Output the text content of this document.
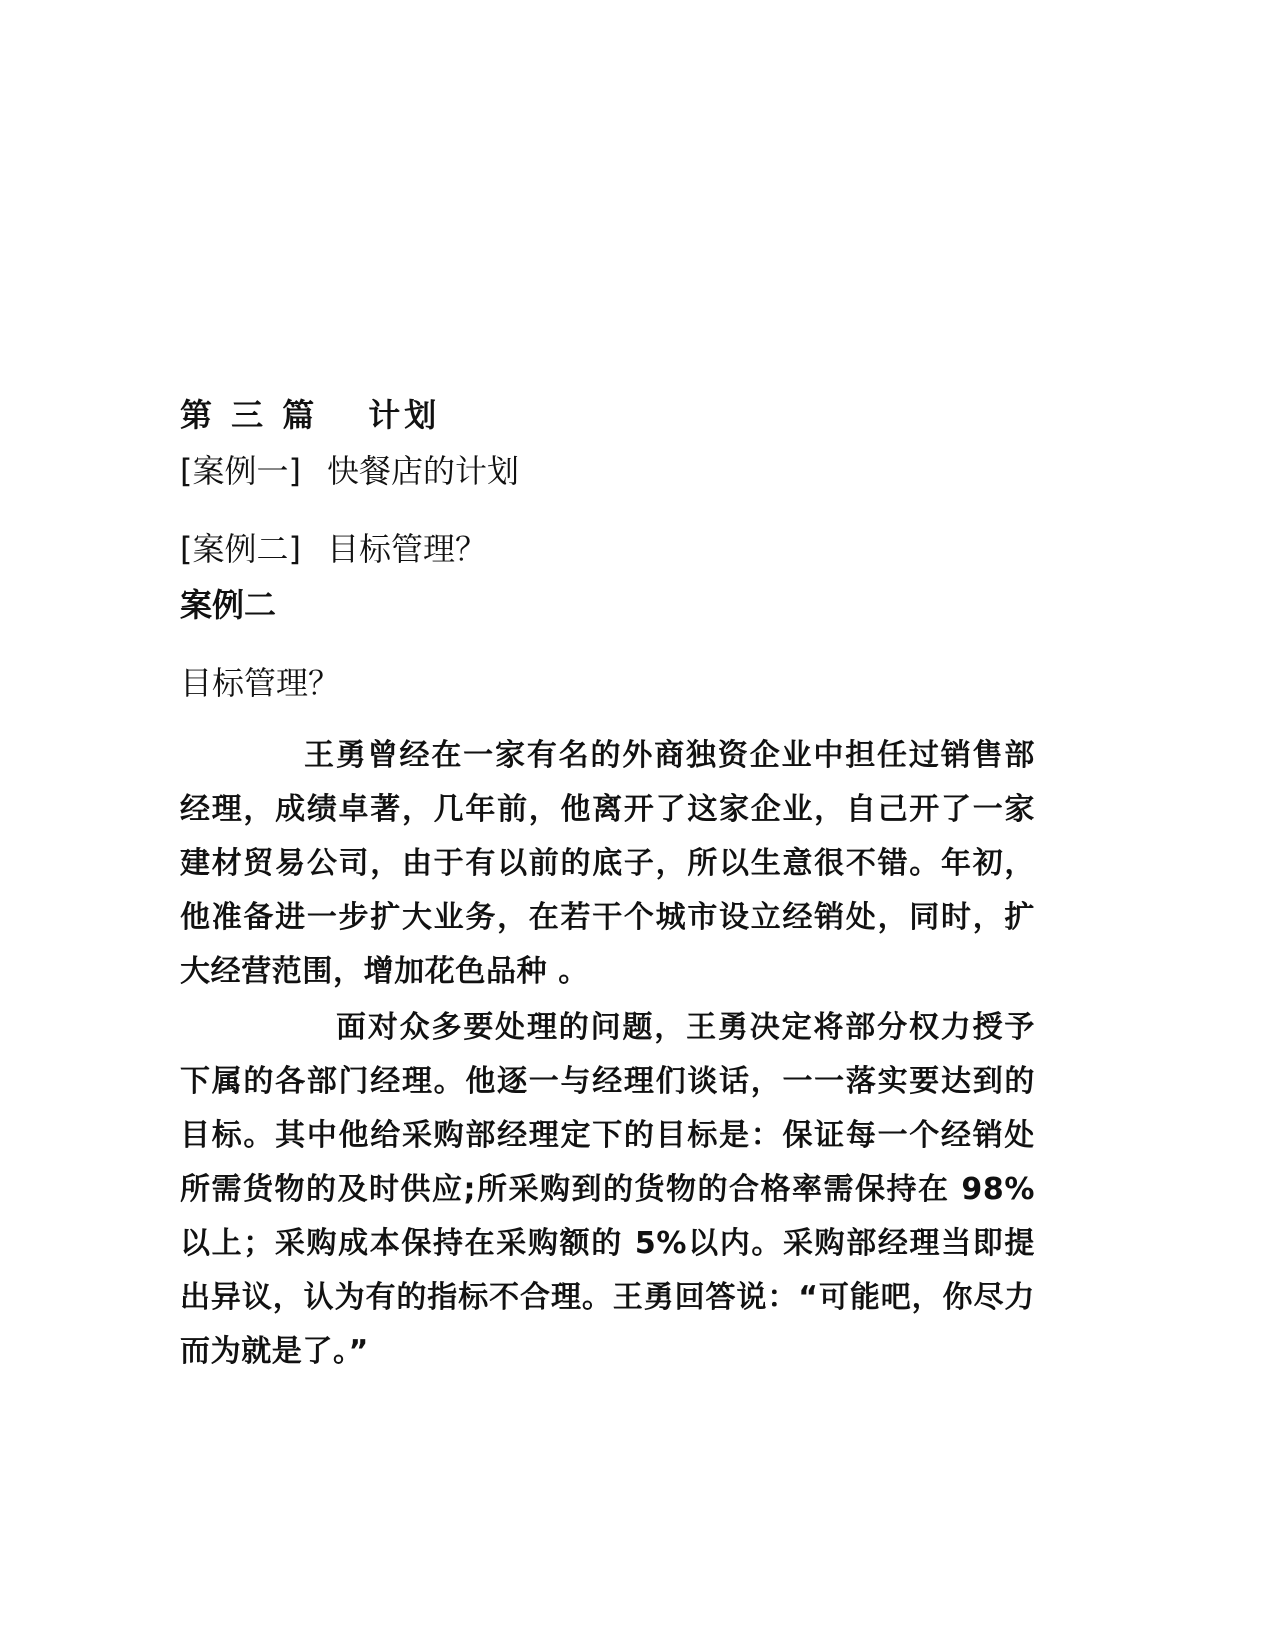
第 三 篇 计划
[案例一] 快餐店的计划
[案例二] 目标管理？
案例二
目标管理？

王勇曾经在一家有名的外商独资企业中担任过销售部经理，成绩卓著，几年前，他离开了这家企业，自己开了一家建材贸易公司，由于有以前的底子，所以生意很不错。年初，他准备进一步扩大业务，在若干个城市设立经销处，同时，扩大经营范围，增加花色品种 。

面对众多要处理的问题，王勇决定将部分权力授予下属的各部门经理。他逐一与经理们谈话，一一落实要达到的目标。其中他给采购部经理定下的目标是：保证每一个经销处所需货物的及时供应;所采购到的货物的合格率需保持在 98%以上；采购成本保持在采购额的 5%以内。采购部经理当即提出异议，认为有的指标不合理。王勇回答说：“可能吧，你尽力而为就是了。”
